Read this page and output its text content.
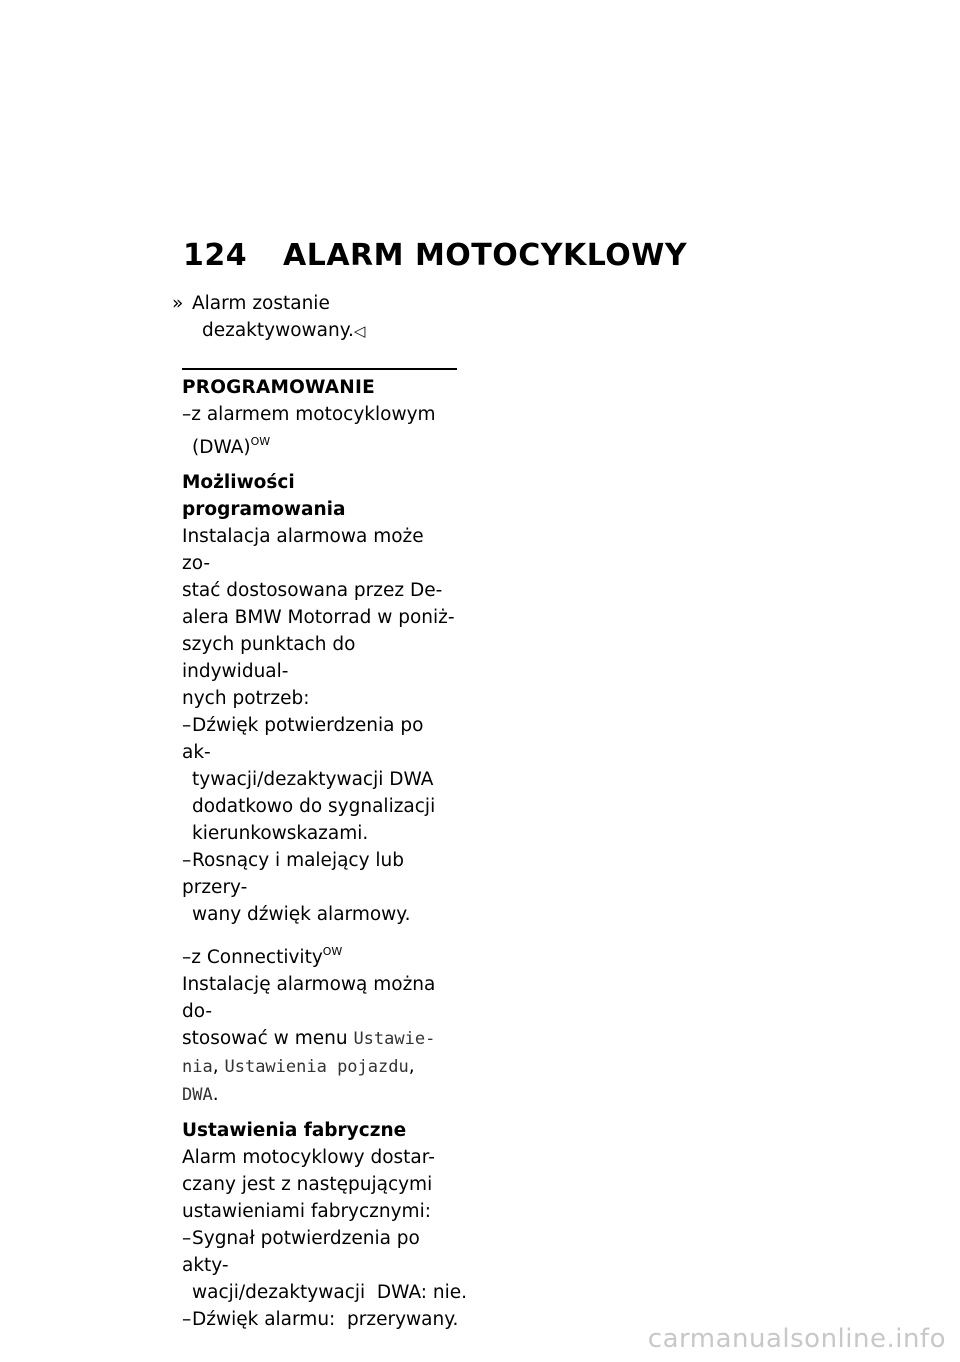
124 ALARM MOTOCYKLOWY

» Alarm zostanie
dezaktywowany.◁

PROGRAMOWANIE

–z alarmem motocyklowym
(DWA)$^{OW}$

Możliwości programowania

Instalacja alarmowa może zo-
stać dostosowana przez De-
alera BMW Motorrad w poniż-
szych punktach do indywidual-
nych potrzeb:

–Dźwięk potwierdzenia po ak-
tywacji/dezaktywacji DWA
dodatkowo do sygnalizacji
kierunkowskazami.

–Rosnący i malejący lub przery-
wany dźwięk alarmowy.

–z Connectivity$^{OW}$

Instalację alarmową można do-
stosować w menu Ustawie-
nia, Ustawienia pojazdu,
DWA.

Ustawienia fabryczne

Alarm motocyklowy dostar-
czany jest z następującymi
ustawieniami fabrycznymi:

–Sygnał potwierdzenia po akty-
wacji/dezaktywacji  DWA: nie.

–Dźwięk alarmu:  przerywany.

carmanualsonline.info
